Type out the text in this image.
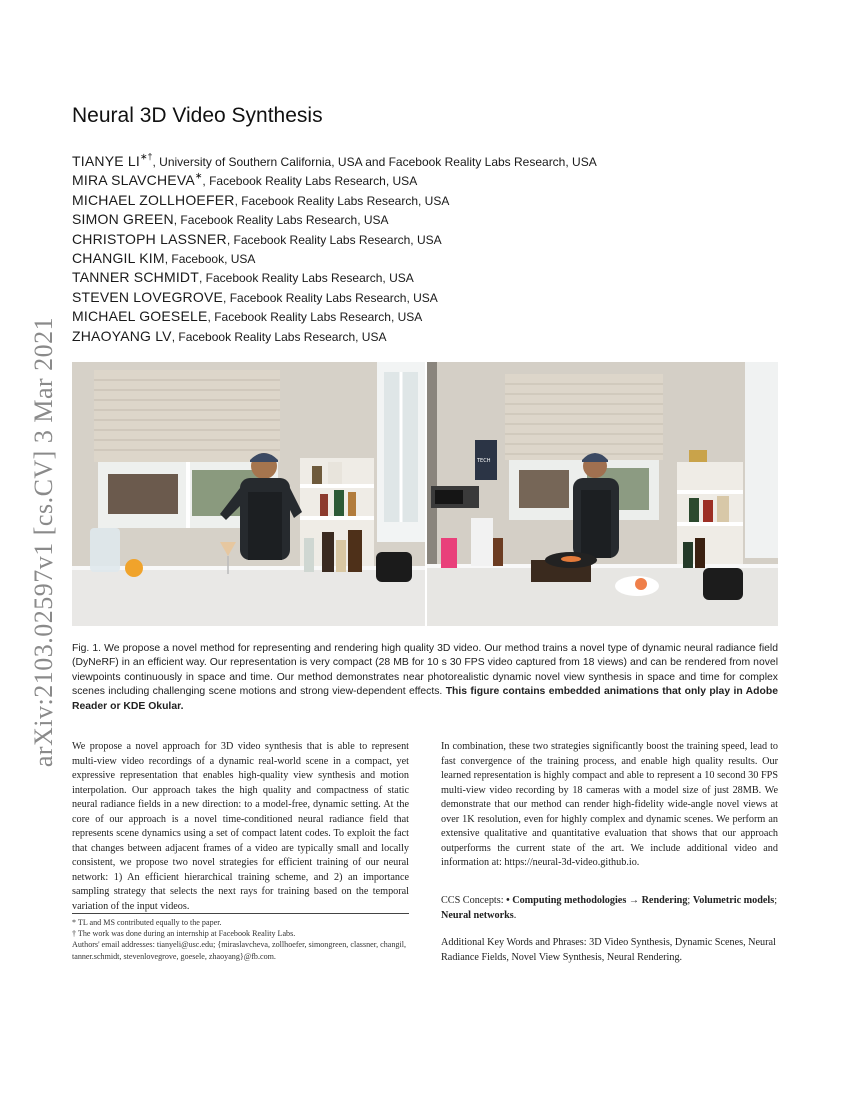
arXiv:2103.02597v1 [cs.CV] 3 Mar 2021
Neural 3D Video Synthesis
TIANYE LI∗†, University of Southern California, USA and Facebook Reality Labs Research, USA
MIRA SLAVCHEVA∗, Facebook Reality Labs Research, USA
MICHAEL ZOLLHOEFER, Facebook Reality Labs Research, USA
SIMON GREEN, Facebook Reality Labs Research, USA
CHRISTOPH LASSNER, Facebook Reality Labs Research, USA
CHANGIL KIM, Facebook, USA
TANNER SCHMIDT, Facebook Reality Labs Research, USA
STEVEN LOVEGROVE, Facebook Reality Labs Research, USA
MICHAEL GOESELE, Facebook Reality Labs Research, USA
ZHAOYANG LV, Facebook Reality Labs Research, USA
TECH

Fig. 1. We propose a novel method for representing and rendering high quality 3D video. Our method trains a novel type of dynamic neural radiance field (DyNeRF) in an efficient way. Our representation is very compact (28 MB for 10 s 30 FPS video captured from 18 views) and can be rendered from novel viewpoints continuously in space and time. Our method demonstrates near photorealistic dynamic novel view synthesis in space and time for complex scenes including challenging scene motions and strong view-dependent effects. This figure contains embedded animations that only play in Adobe Reader or KDE Okular.

We propose a novel approach for 3D video synthesis that is able to represent multi-view video recordings of a dynamic real-world scene in a compact, yet expressive representation that enables high-quality view synthesis and motion interpolation. Our approach takes the high quality and compactness of static neural radiance fields in a new direction: to a model-free, dynamic setting. At the core of our approach is a novel time-conditioned neural radiance field that represents scene dynamics using a set of compact latent codes. To exploit the fact that changes between adjacent frames of a video are typically small and locally consistent, we propose two novel strategies for efficient training of our neural network: 1) An efficient hierarchical training scheme, and 2) an importance sampling strategy that selects the next rays for training based on the temporal variation of the input videos.

* TL and MS contributed equally to the paper.
† The work was done during an internship at Facebook Reality Labs.
Authors' email addresses: tianyeli@usc.edu; {miraslavcheva, zollhoefer, simongreen, classner, changil, tanner.schmidt, stevenlovegrove, goesele, zhaoyang}@fb.com.

In combination, these two strategies significantly boost the training speed, lead to fast convergence of the training process, and enable high quality results. Our learned representation is highly compact and able to represent a 10 second 30 FPS multi-view video recording by 18 cameras with a model size of just 28MB. We demonstrate that our method can render high-fidelity wide-angle novel views at over 1K resolution, even for highly complex and dynamic scenes. We perform an extensive qualitative and quantitative evaluation that shows that our approach outperforms the current state of the art. We include additional video and information at: https://neural-3d-video.github.io.

CCS Concepts: • Computing methodologies → Rendering; Volumetric models; Neural networks.
Additional Key Words and Phrases: 3D Video Synthesis, Dynamic Scenes, Neural Radiance Fields, Novel View Synthesis, Neural Rendering.
